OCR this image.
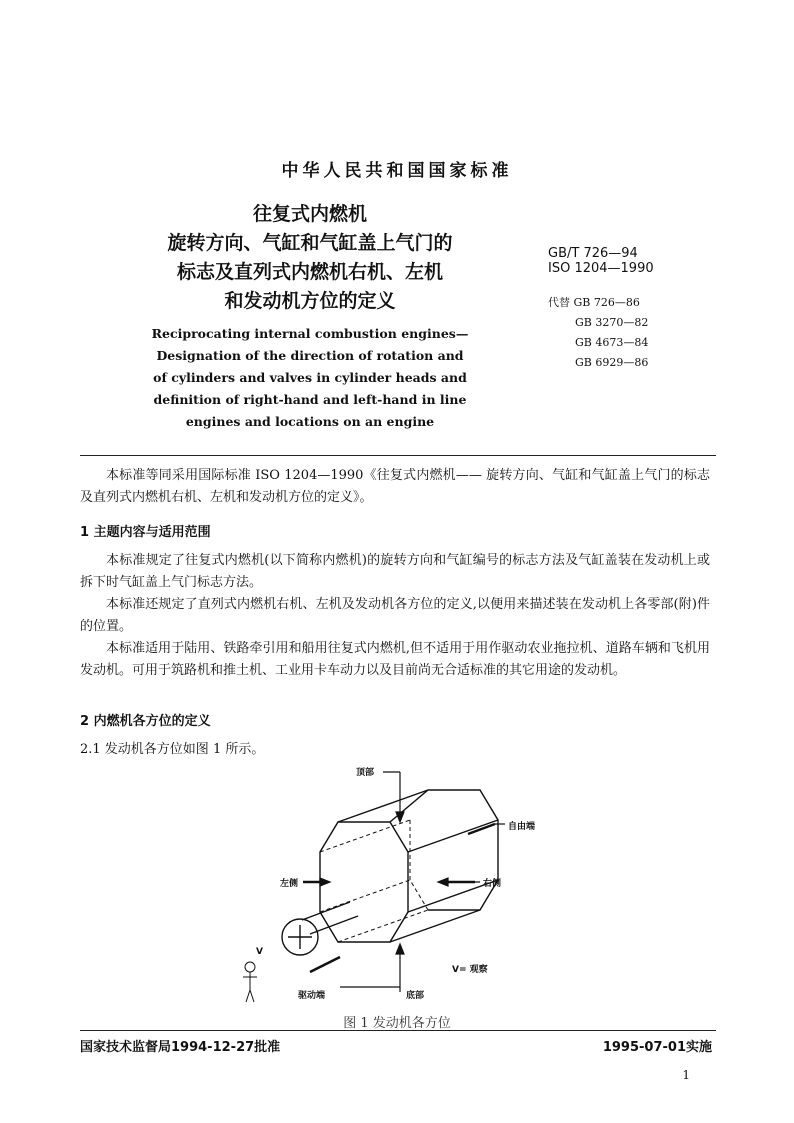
中华人民共和国国家标准
往复式内燃机
旋转方向、气缸和气缸盖上气门的
标志及直列式内燃机右机、左机
和发动机方位的定义
Reciprocating internal combustion engines—
Designation of the direction of rotation and
of cylinders and valves in cylinder heads and
definition of right-hand and left-hand in line
engines and locations on an engine
GB/T 726—94
ISO 1204—1990
代替 GB 726—86
GB 3270—82
GB 4673—84
GB 6929—86

本标准等同采用国际标准 ISO 1204—1990《往复式内燃机—— 旋转方向、气缸和气缸盖上气门的标志及直列式内燃机右机、左机和发动机方位的定义》。

1 主题内容与适用范围

本标准规定了往复式内燃机(以下简称内燃机)的旋转方向和气缸编号的标志方法及气缸盖装在发动机上或拆下时气缸盖上气门标志方法。

本标准还规定了直列式内燃机右机、左机及发动机各方位的定义,以便用来描述装在发动机上各零部(附)件的位置。

本标准适用于陆用、铁路牵引用和船用往复式内燃机,但不适用于用作驱动农业拖拉机、道路车辆和飞机用发动机。可用于筑路机和推土机、工业用卡车动力以及目前尚无合适标准的其它用途的发动机。

2 内燃机各方位的定义
2.1 发动机各方位如图 1 所示。
顶部
自由端
左侧	右侧
V
V= 观察
驱动端	底部
图 1 发动机各方位
国家技术监督局1994-12-27批准	1995-07-01实施
1
